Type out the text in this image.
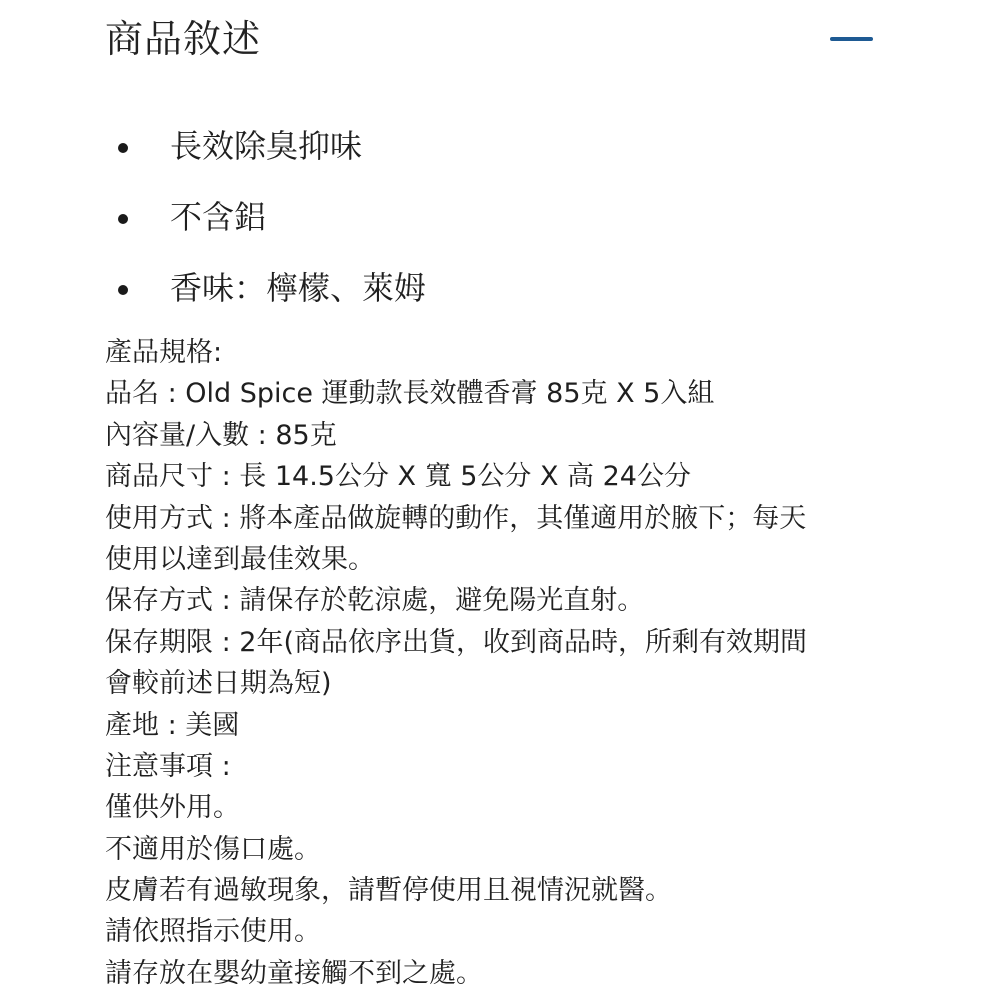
商品敘述
長效除臭抑味
不含鋁
香味：檸檬、萊姆
產品規格:
品名 : Old Spice 運動款長效體香膏 85克 X 5入組
內容量/入數 : 85克
商品尺寸 : 長 14.5公分 X 寬 5公分 X 高 24公分
使用方式 : 將本產品做旋轉的動作，其僅適用於腋下；每天
使用以達到最佳效果。
保存方式 : 請保存於乾涼處，避免陽光直射。
保存期限 : 2年(商品依序出貨，收到商品時，所剩有效期間
會較前述日期為短)
產地 : 美國
注意事項 :
僅供外用。
不適用於傷口處。
皮膚若有過敏現象，請暫停使用且視情況就醫。
請依照指示使用。
請存放在嬰幼童接觸不到之處。
